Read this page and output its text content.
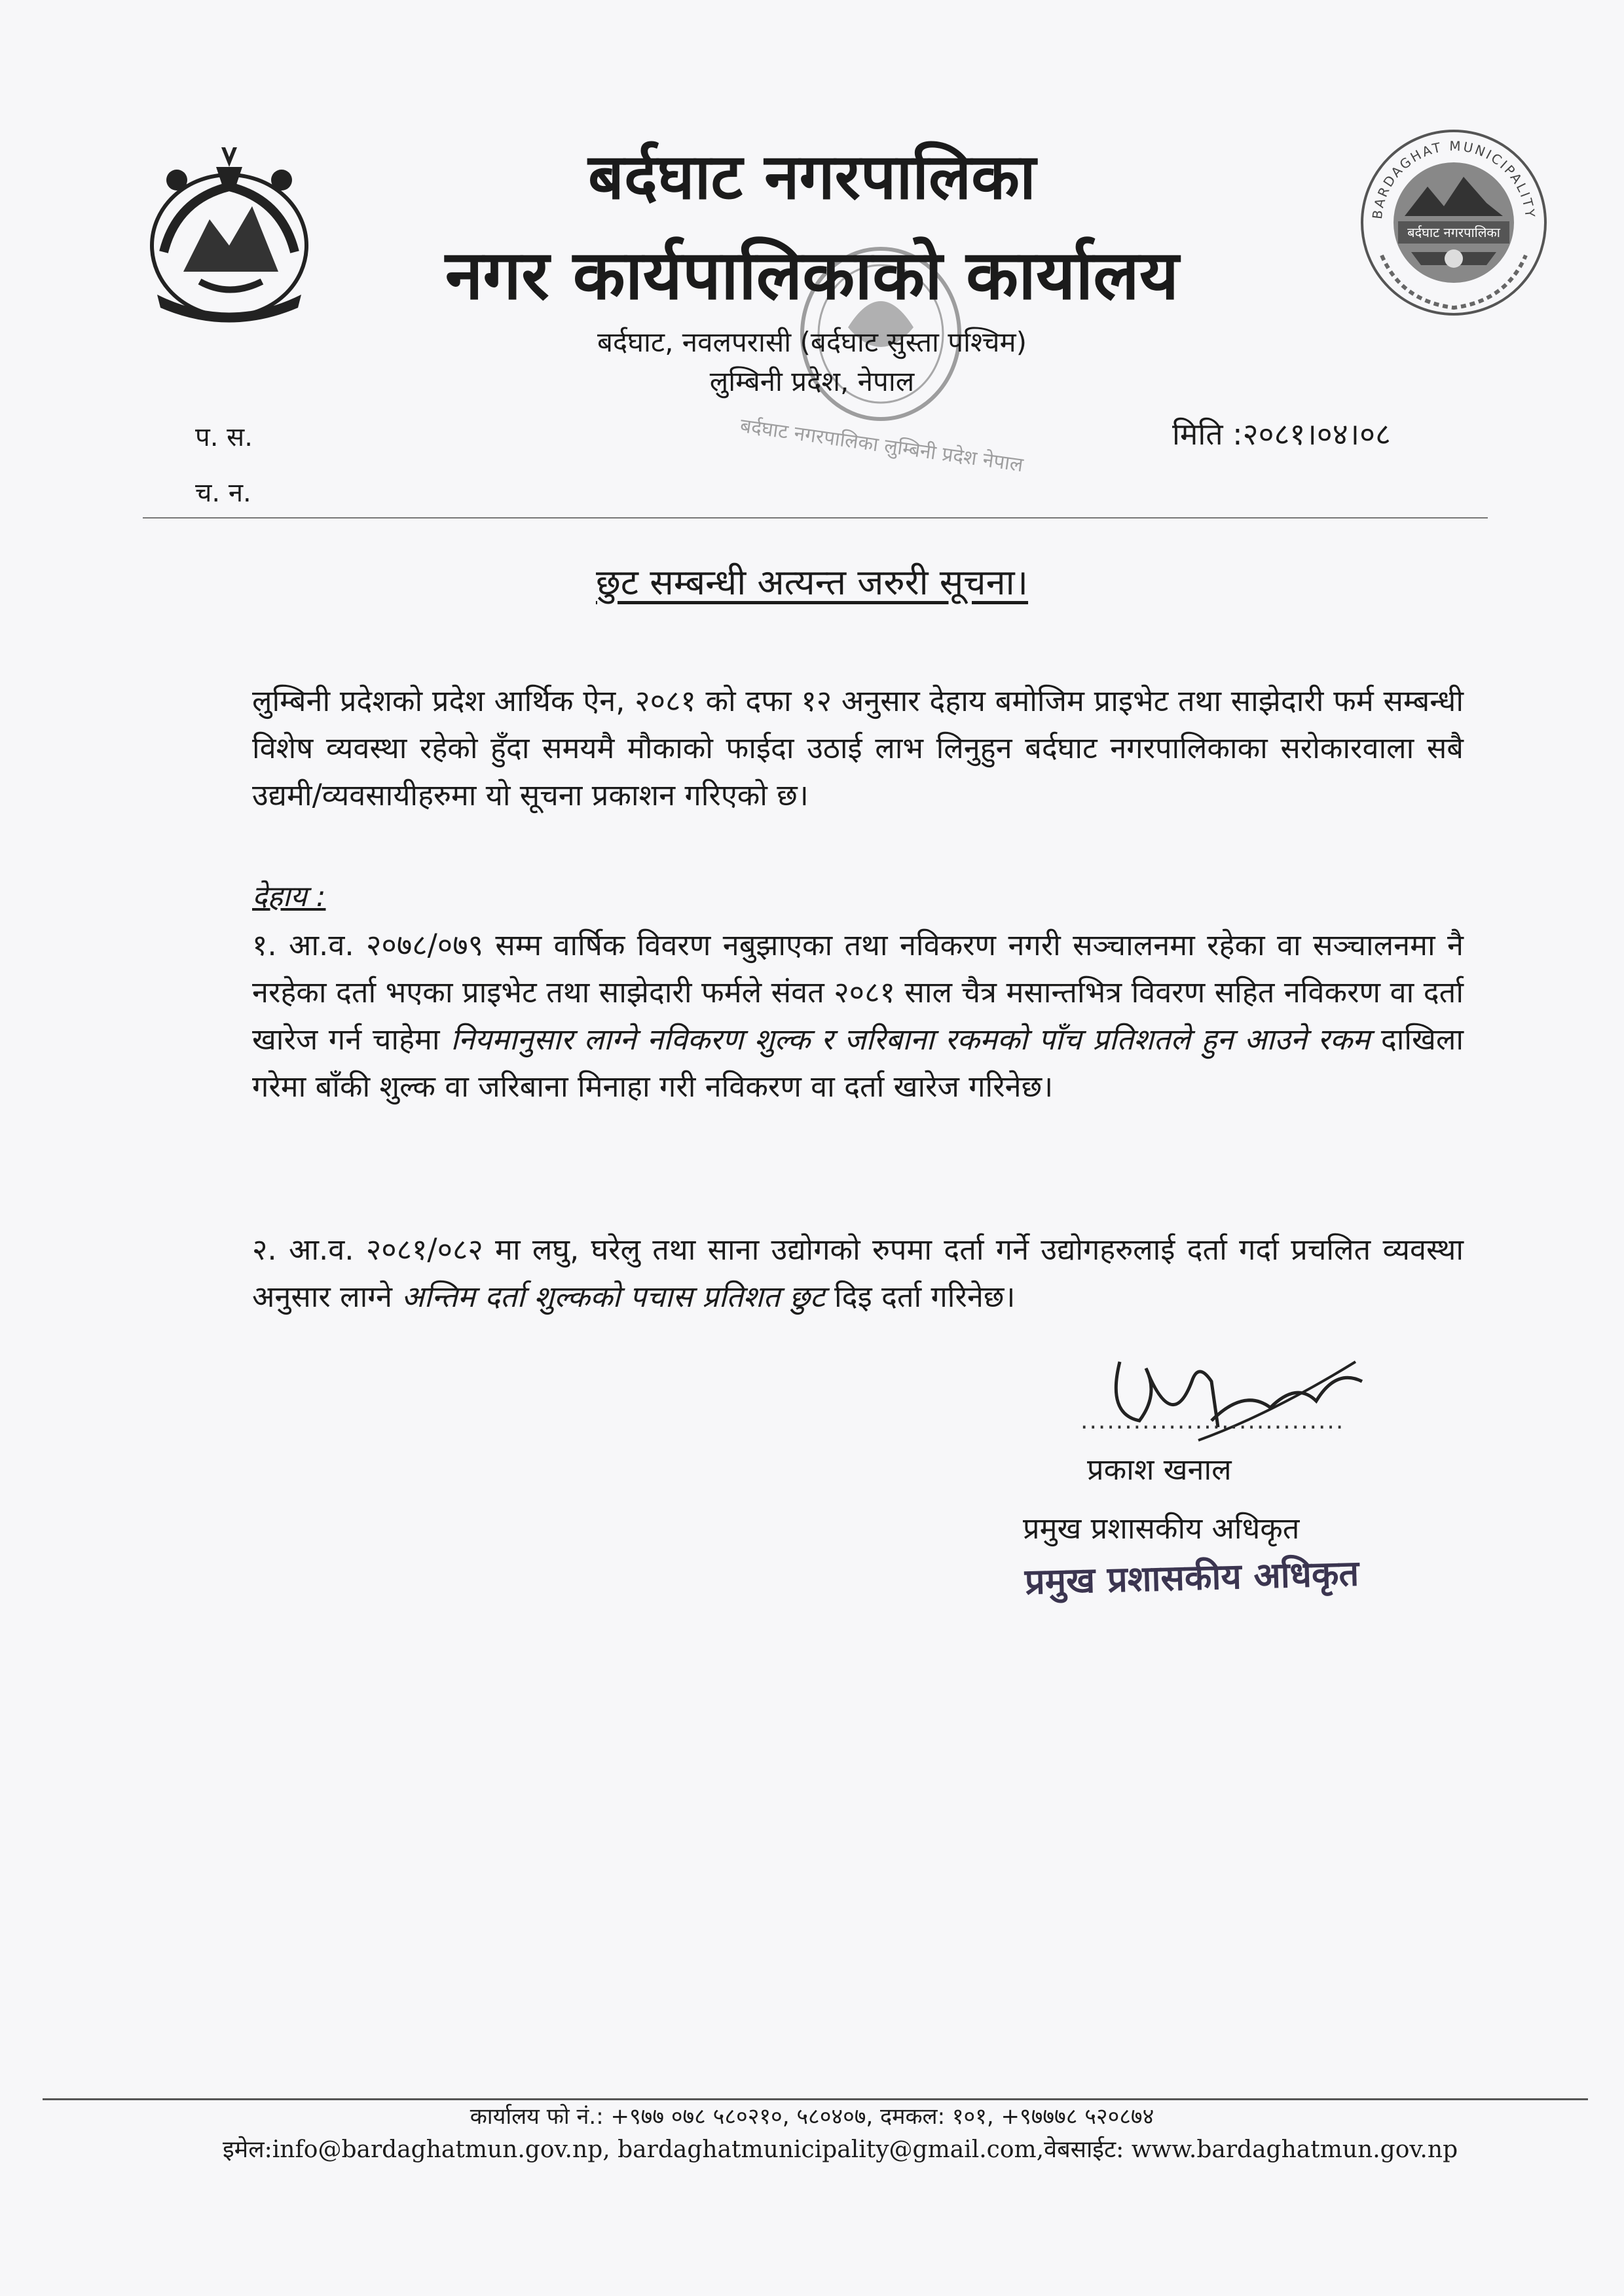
BARDAGHAT MUNICIPALITY
बर्दघाट नगरपालिका
बर्दघाट नगरपालिका लुम्बिनी प्रदेश नेपाल
बर्दघाट नगरपालिका
नगर कार्यपालिकाको कार्यालय
बर्दघाट, नवलपरासी (बर्दघाट सुस्ता पश्चिम)
लुम्बिनी प्रदेश, नेपाल
प. स.
च. न.
मिति :२०८१।०४।०८
छुट सम्बन्धी अत्यन्त जरुरी सूचना।
लुम्बिनी प्रदेशको प्रदेश आर्थिक ऐन, २०८१ को दफा १२ अनुसार देहाय बमोजिम प्राइभेट तथा साझेदारी फर्म सम्बन्धी विशेष व्यवस्था रहेको हुँदा समयमै मौकाको फाईदा उठाई लाभ लिनुहुन बर्दघाट नगरपालिकाका सरोकारवाला सबै उद्यमी/व्यवसायीहरुमा यो सूचना प्रकाशन गरिएको छ।
देहाय :
१. आ.व. २०७८/०७९ सम्म वार्षिक विवरण नबुझाएका तथा नविकरण नगरी सञ्चालनमा रहेका वा सञ्चालनमा नै नरहेका दर्ता भएका प्राइभेट तथा साझेदारी फर्मले संवत २०८१ साल चैत्र मसान्तभित्र विवरण सहित नविकरण वा दर्ता खारेज गर्न चाहेमा नियमानुसार लाग्ने नविकरण शुल्क र जरिबाना रकमको पाँच प्रतिशतले हुन आउने रकम दाखिला गरेमा बाँकी शुल्क वा जरिबाना मिनाहा गरी नविकरण वा दर्ता खारेज गरिनेछ।
२. आ.व. २०८१/०८२ मा लघु, घरेलु तथा साना उद्योगको रुपमा दर्ता गर्ने उद्योगहरुलाई दर्ता गर्दा प्रचलित व्यवस्था अनुसार लाग्ने अन्तिम दर्ता शुल्कको पचास प्रतिशत छुट दिइ दर्ता गरिनेछ।
..............................
प्रकाश खनाल
प्रमुख प्रशासकीय अधिकृत
प्रमुख प्रशासकीय अधिकृत
कार्यालय फो नं.: +९७७ ०७८ ५८०२१०, ५८०४०७, दमकल: १०१, +९७७७८ ५२०८७४
इमेल:info@bardaghatmun.gov.np, bardaghatmunicipality@gmail.com,वेबसाईट: www.bardaghatmun.gov.np
